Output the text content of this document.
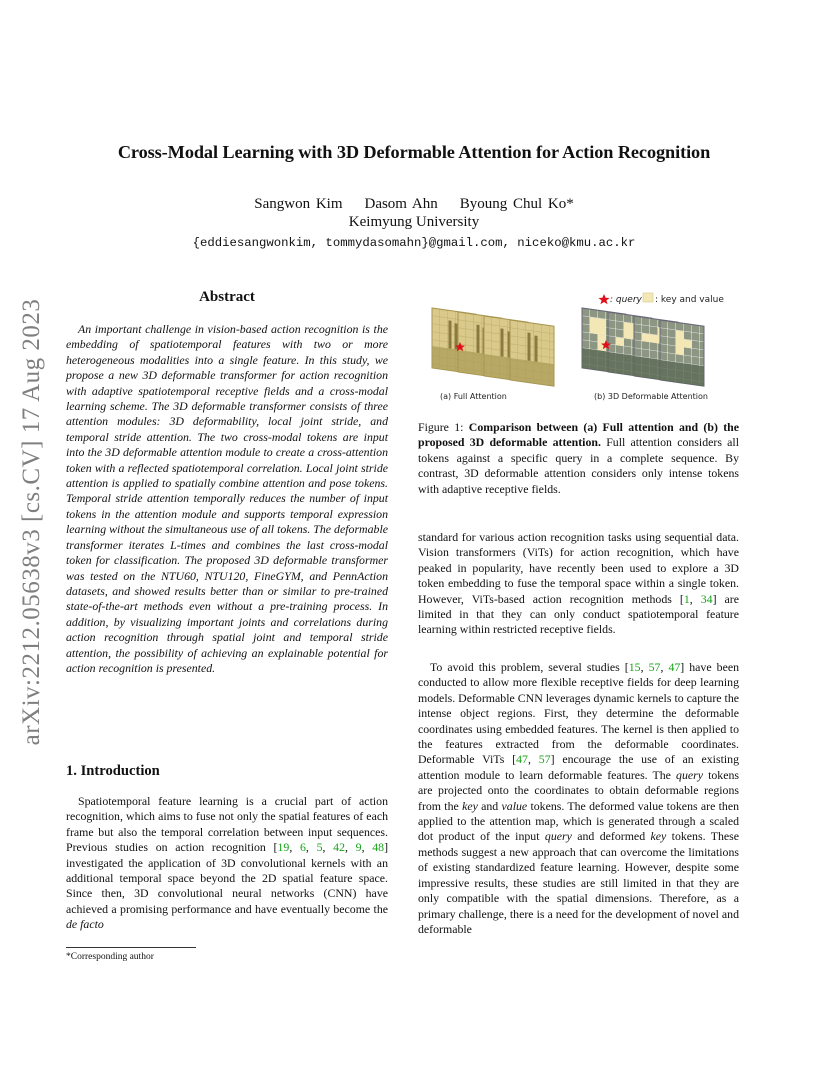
arXiv:2212.05638v3 [cs.CV] 17 Aug 2023
Cross-Modal Learning with 3D Deformable Attention for Action Recognition
Sangwon Kim Dasom Ahn Byoung Chul Ko*
Keimyung University
{eddiesangwonkim, tommydasomahn}@gmail.com, niceko@kmu.ac.kr
Abstract
An important challenge in vision-based action recognition is the embedding of spatiotemporal features with two or more heterogeneous modalities into a single feature. In this study, we propose a new 3D deformable transformer for action recognition with adaptive spatiotemporal receptive fields and a cross-modal learning scheme. The 3D deformable transformer consists of three attention modules: 3D deformability, local joint stride, and temporal stride attention. The two cross-modal tokens are input into the 3D deformable attention module to create a cross-attention token with a reflected spatiotemporal correlation. Local joint stride attention is applied to spatially combine attention and pose tokens. Temporal stride attention temporally reduces the number of input tokens in the attention module and supports temporal expression learning without the simultaneous use of all tokens. The deformable transformer iterates L-times and combines the last cross-modal token for classification. The proposed 3D deformable transformer was tested on the NTU60, NTU120, FineGYM, and PennAction datasets, and showed results better than or similar to pre-trained state-of-the-art methods even without a pre-training process. In addition, by visualizing important joints and correlations during action recognition through spatial joint and temporal stride attention, the possibility of achieving an explainable potential for action recognition is presented.
1. Introduction
Spatiotemporal feature learning is a crucial part of action recognition, which aims to fuse not only the spatial features of each frame but also the temporal correlation between input sequences. Previous studies on action recognition [19, 6, 5, 42, 9, 48] investigated the application of 3D convolutional kernels with an additional temporal space beyond the 2D spatial feature space. Since then, 3D convolutional neural networks (CNN) have achieved a promising performance and have eventually become the de facto
*Corresponding author
: query : key and value
(a) Full Attention	(b) 3D Deformable Attention
Figure 1: Comparison between (a) Full attention and (b) the proposed 3D deformable attention. Full attention considers all tokens against a specific query in a complete sequence. By contrast, 3D deformable attention considers only intense tokens with adaptive receptive fields.
standard for various action recognition tasks using sequential data. Vision transformers (ViTs) for action recognition, which have peaked in popularity, have recently been used to explore a 3D token embedding to fuse the temporal space within a single token. However, ViTs-based action recognition methods [1, 34] are limited in that they can only conduct spatiotemporal feature learning within restricted receptive fields.
To avoid this problem, several studies [15, 57, 47] have been conducted to allow more flexible receptive fields for deep learning models. Deformable CNN leverages dynamic kernels to capture the intense object regions. First, they determine the deformable coordinates using embedded features. The kernel is then applied to the features extracted from the deformable coordinates. Deformable ViTs [47, 57] encourage the use of an existing attention module to learn deformable features. The query tokens are projected onto the coordinates to obtain deformable regions from the key and value tokens. The deformed value tokens are then applied to the attention map, which is generated through a scaled dot product of the input query and deformed key tokens. These methods suggest a new approach that can overcome the limitations of existing standardized feature learning. However, despite some impressive results, these studies are still limited in that they are only compatible with the spatial dimensions. Therefore, as a primary challenge, there is a need for the development of novel and deformable
